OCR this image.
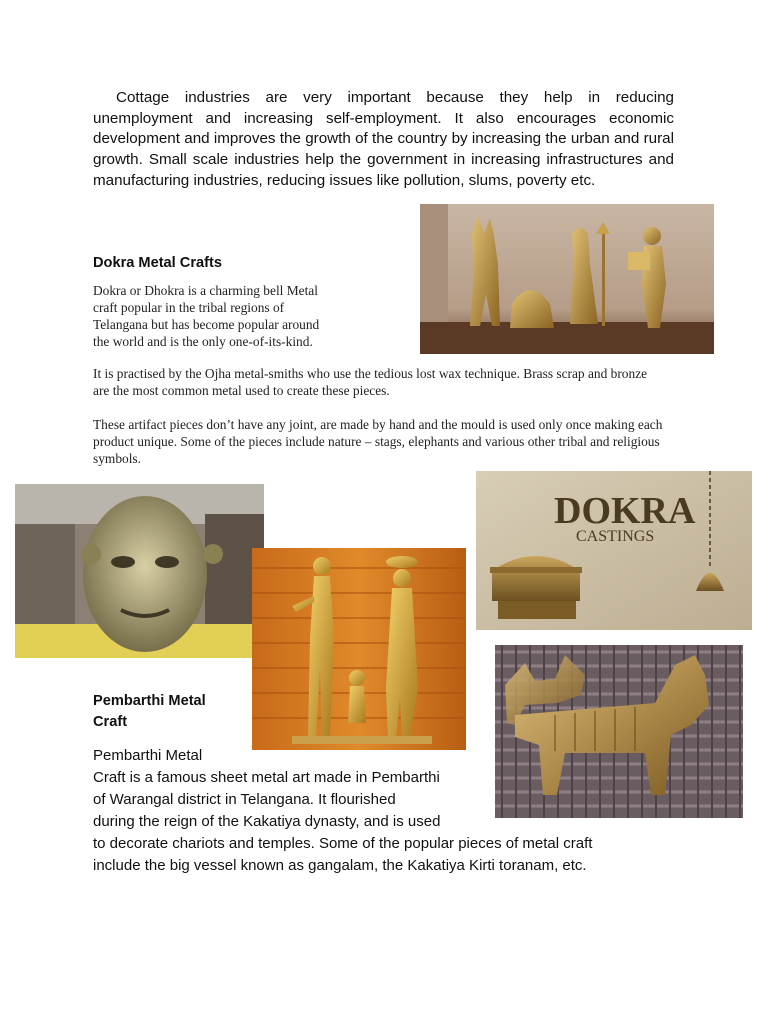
Cottage industries are very important because they help in reducing unemployment and increasing self-employment. It also encourages economic development and improves the growth of the country by increasing the urban and rural growth. Small scale industries help the government in increasing infrastructures and manufacturing industries, reducing issues like pollution, slums, poverty etc.

Dokra Metal Crafts
Dokra or Dhokra is a charming bell Metal
craft popular in the tribal regions of
Telangana but has become popular around
the world and is the only one-of-its-kind.

It is practised by the Ojha metal-smiths who use the tedious lost wax technique. Brass scrap and bronze are the most common metal used to create these pieces.

These artifact pieces don’t have any joint, are made by hand and the mould is used only once making each product unique. Some of the pieces include nature – stags, elephants and various other tribal and religious symbols.

DOKRA
CASTINGS
Pembarthi Metal
Craft
Pembarthi Metal
Craft is a famous sheet metal art made in Pembarthi
of Warangal district in Telangana. It flourished
during the reign of the Kakatiya dynasty, and is used
to decorate chariots and temples. Some of the popular pieces of metal craft
include the big vessel known as gangalam, the Kakatiya Kirti toranam, etc.
